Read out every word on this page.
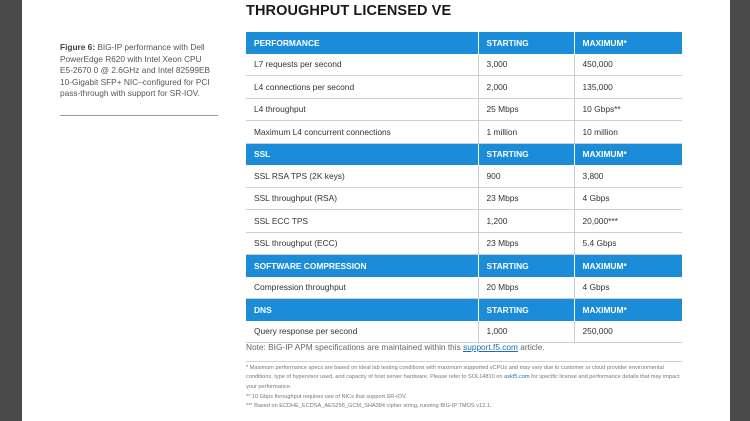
THROUGHPUT LICENSED VE
Figure 6: BIG-IP performance with Dell
PowerEdge R620 with Intel Xeon CPU
E5-2670 0 @ 2.6GHz and Intel 82599EB
10-Gigabit SFP+ NIC–configured for PCI
pass-through with support for SR-IOV.
PERFORMANCE	STARTING	MAXIMUM*
L7 requests per second	3,000	450,000
L4 connections per second	2,000	135,000
L4 throughput	25 Mbps	10 Gbps**
Maximum L4 concurrent connections	1 million	10 million
SSL	STARTING	MAXIMUM*
SSL RSA TPS (2K keys)	900	3,800
SSL throughput (RSA)	23 Mbps	4 Gbps
SSL ECC TPS	1,200	20,000***
SSL throughput (ECC)	23 Mbps	5.4 Gbps
SOFTWARE COMPRESSION	STARTING	MAXIMUM*
Compression throughput	20 Mbps	4 Gbps
DNS	STARTING	MAXIMUM*
Query response per second	1,000	250,000
Note: BIG-IP APM specifications are maintained within this support.f5.com article.
* Maximum performance specs are based on ideal lab testing conditions with maximum supported vCPUs and may vary due to customer or cloud provider environmental conditions, type of hypervisor used, and capacity of host server hardware. Please refer to SOL14810 on askf5.com for specific license and performance details that may impact your performance.
** 10 Gbps throughput requires use of NICs that support SR-IOV.
*** Based on ECDHE_ECDSA_AES256_GCM_SHA384 cipher string, running BIG-IP TMOS v12.1.
